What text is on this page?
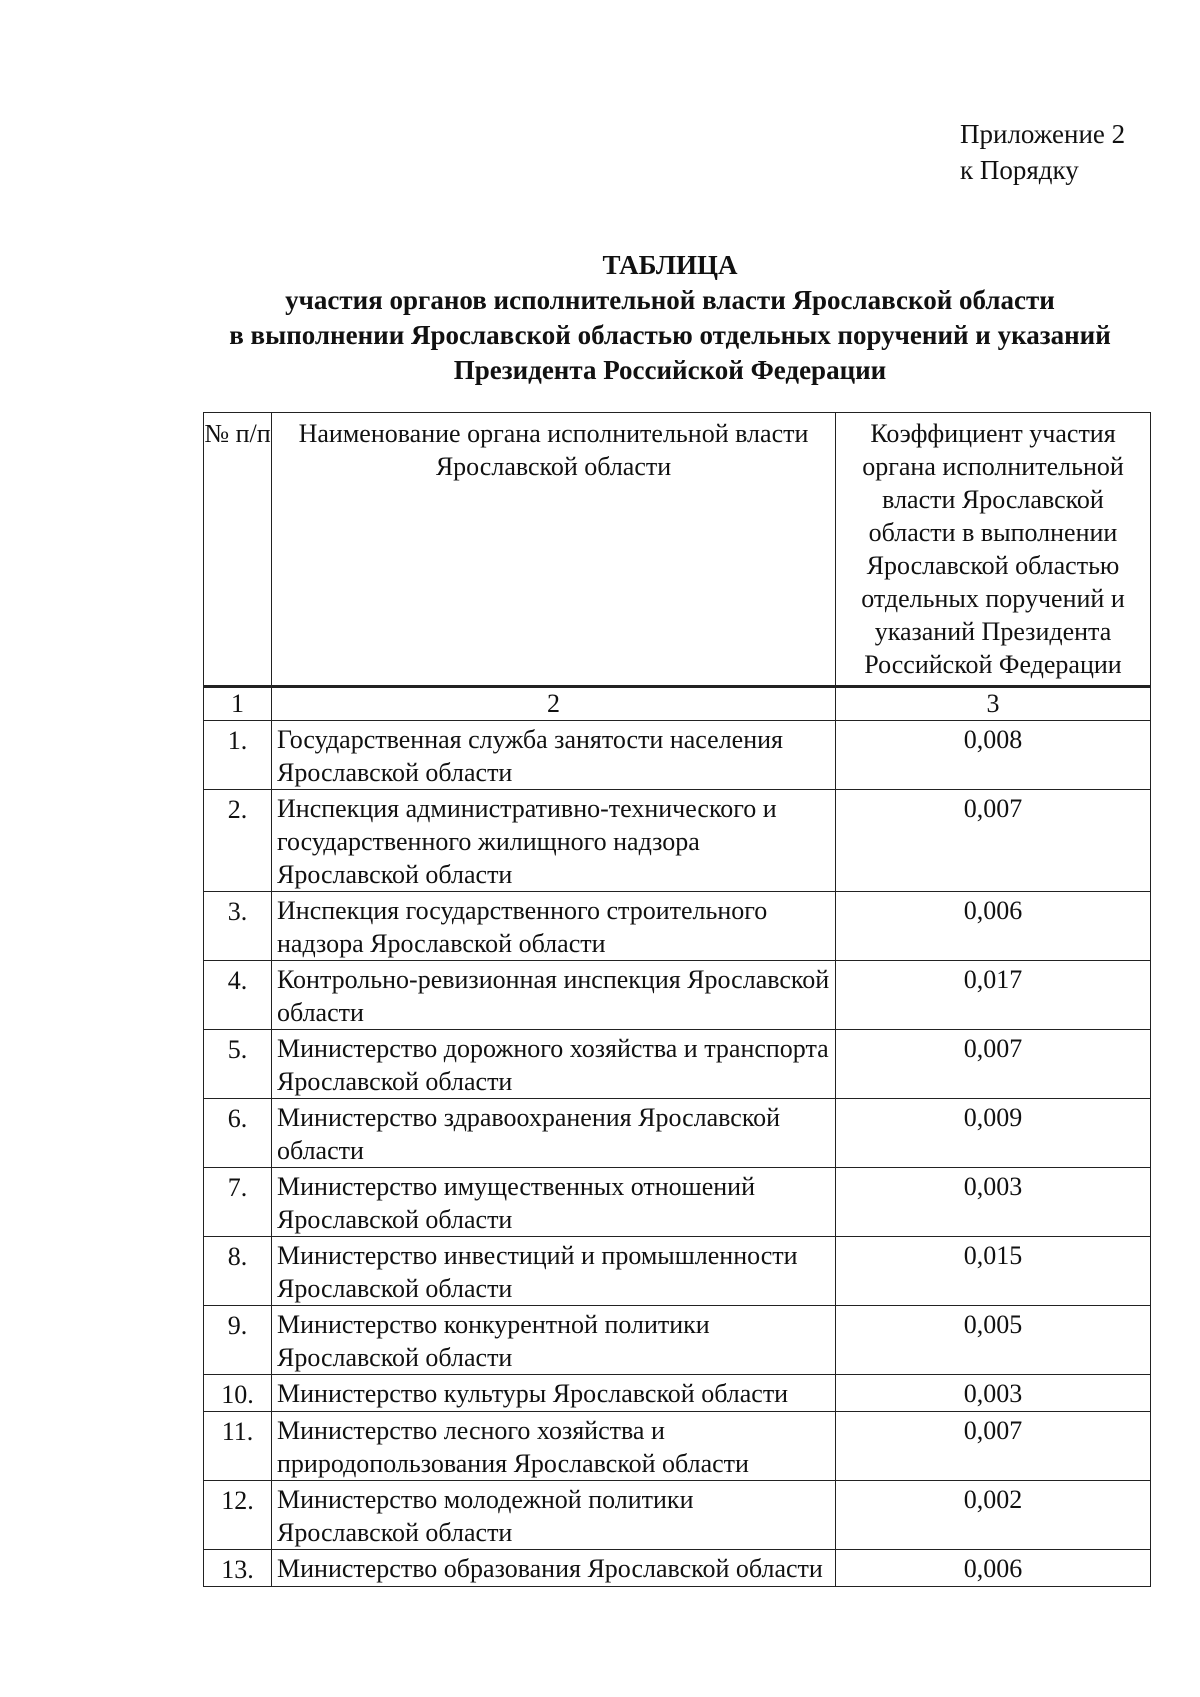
Приложение 2
к Порядку
ТАБЛИЦА
участия органов исполнительной власти Ярославской области
в выполнении Ярославской областью отдельных поручений и указаний
Президента Российской Федерации
№ п/п	Наименование органа исполнительной власти Ярославской области	Коэффициент участия органа исполнительной власти Ярославской области в выполнении Ярославской областью отдельных поручений и указаний Президента Российской Федерации
1	2	3
1.	Государственная служба занятости населения Ярославской области	0,008
2.	Инспекция административно-технического и государственного жилищного надзора Ярославской области	0,007
3.	Инспекция государственного строительного надзора Ярославской области	0,006
4.	Контрольно-ревизионная инспекция Ярославской области	0,017
5.	Министерство дорожного хозяйства и транспорта Ярославской области	0,007
6.	Министерство здравоохранения Ярославской области	0,009
7.	Министерство имущественных отношений Ярославской области	0,003
8.	Министерство инвестиций и промышленности Ярославской области	0,015
9.	Министерство конкурентной политики Ярославской области	0,005
10.	Министерство культуры Ярославской области	0,003
11.	Министерство лесного хозяйства и природопользования Ярославской области	0,007
12.	Министерство молодежной политики Ярославской области	0,002
13.	Министерство образования Ярославской области	0,006
